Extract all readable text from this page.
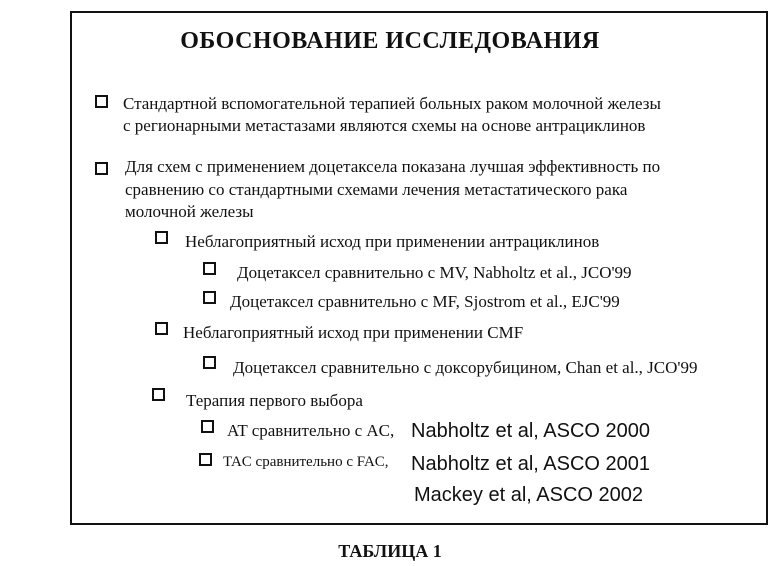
ОБОСНОВАНИЕ ИССЛЕДОВАНИЯ
Стандартной вспомогательной терапией больных раком молочной железы
с регионарными метастазами являются схемы на основе антрациклинов
Для схем с применением доцетаксела показана лучшая эффективность по
сравнению со стандартными схемами лечения метастатического рака
молочной железы
Неблагоприятный исход при применении антрациклинов
Доцетаксел сравнительно с MV, Nabholtz et al., JCO'99
Доцетаксел сравнительно с MF, Sjostrom et al., EJC'99
Неблагоприятный исход при применении CMF
Доцетаксел сравнительно с доксорубицином, Chan et al., JCO'99
Терапия первого выбора
AT сравнительно с AC, Nabholtz et al, ASCO 2000
TAC сравнительно с FAC, Nabholtz et al, ASCO 2001
Mackey et al, ASCO 2002
ТАБЛИЦА 1
